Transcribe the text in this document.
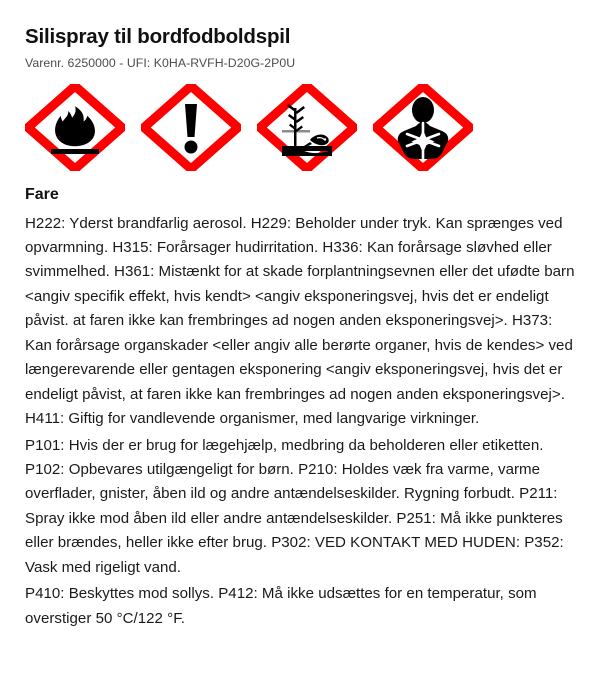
Silispray til bordfodboldspil
Varenr. 6250000 - UFI: K0HA-RVFH-D20G-2P0U
Fare

H222: Yderst brandfarlig aerosol. H229: Beholder under tryk. Kan sprænges ved opvarmning. H315: Forårsager hudirritation. H336: Kan forårsage sløvhed eller svimmelhed. H361: Mistænkt for at skade forplantningsevnen eller det ufødte barn <angiv specifik effekt, hvis kendt> <angiv eksponeringsvej, hvis det er endeligt påvist. at faren ikke kan frembringes ad nogen anden eksponeringsvej>. H373: Kan forårsage organskader <eller angiv alle berørte organer, hvis de kendes> ved længerevarende eller gentagen eksponering <angiv eksponeringsvej, hvis det er endeligt påvist, at faren ikke kan frembringes ad nogen anden eksponeringsvej>. H411: Giftig for vandlevende organismer, med langvarige virkninger.

P101: Hvis der er brug for lægehjælp, medbring da beholderen eller etiketten. P102: Opbevares utilgængeligt for børn. P210: Holdes væk fra varme, varme overflader, gnister, åben ild og andre antændelseskilder. Rygning forbudt. P211: Spray ikke mod åben ild eller andre antændelseskilder. P251: Må ikke punkteres eller brændes, heller ikke efter brug. P302: VED KONTAKT MED HUDEN: P352: Vask med rigeligt vand.

P410: Beskyttes mod sollys. P412: Må ikke udsættes for en temperatur, som overstiger 50 °C/122 °F.
